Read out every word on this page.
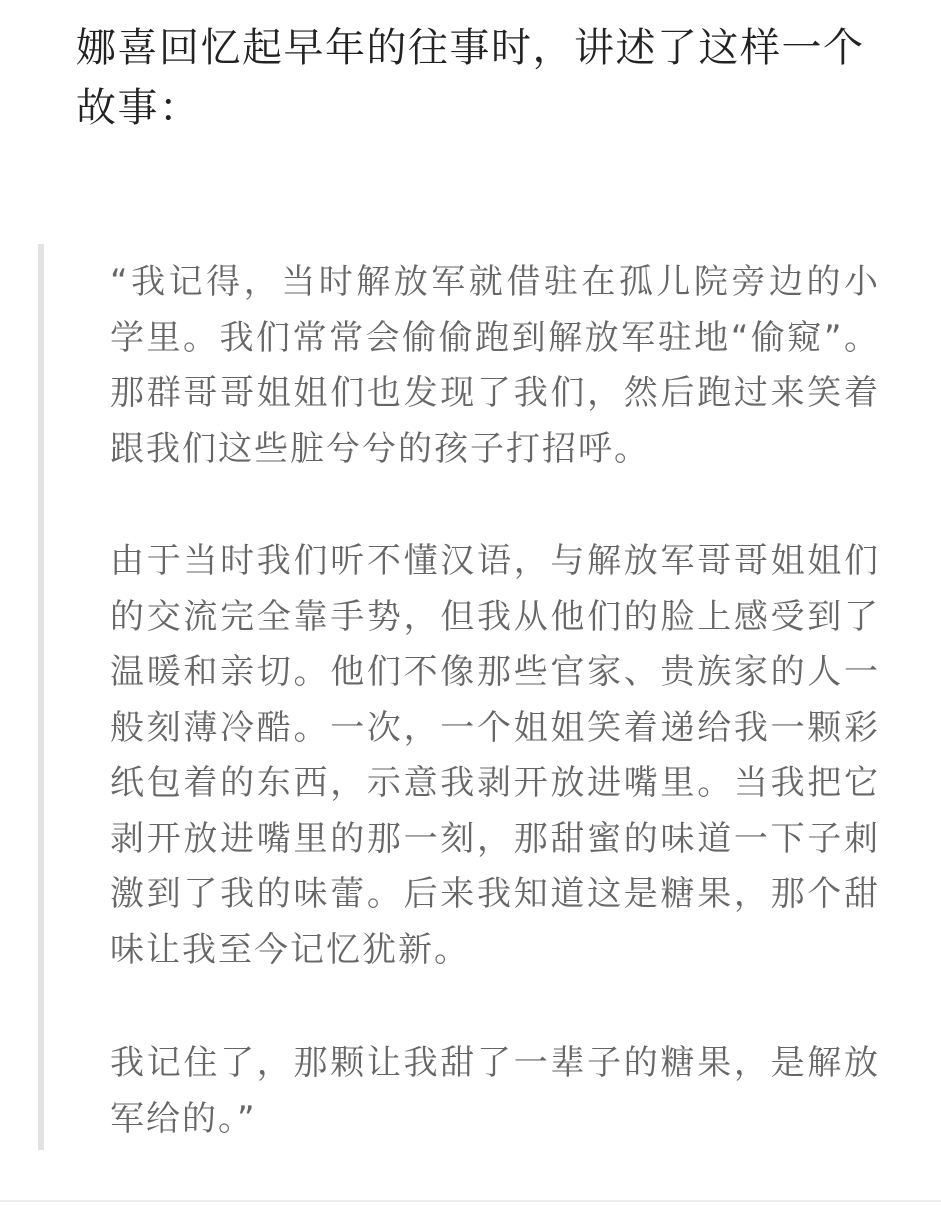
娜喜回忆起早年的往事时，讲述了这样一个故事：

“我记得，当时解放军就借驻在孤儿院旁边的小学里。我们常常会偷偷跑到解放军驻地“偷窥”。那群哥哥姐姐们也发现了我们，然后跑过来笑着跟我们这些脏兮兮的孩子打招呼。

由于当时我们听不懂汉语，与解放军哥哥姐姐们的交流完全靠手势，但我从他们的脸上感受到了温暖和亲切。他们不像那些官家、贵族家的人一般刻薄冷酷。一次，一个姐姐笑着递给我一颗彩纸包着的东西，示意我剥开放进嘴里。当我把它剥开放进嘴里的那一刻，那甜蜜的味道一下子刺激到了我的味蕾。后来我知道这是糖果，那个甜味让我至今记忆犹新。

我记住了，那颗让我甜了一辈子的糖果，是解放军给的。”
